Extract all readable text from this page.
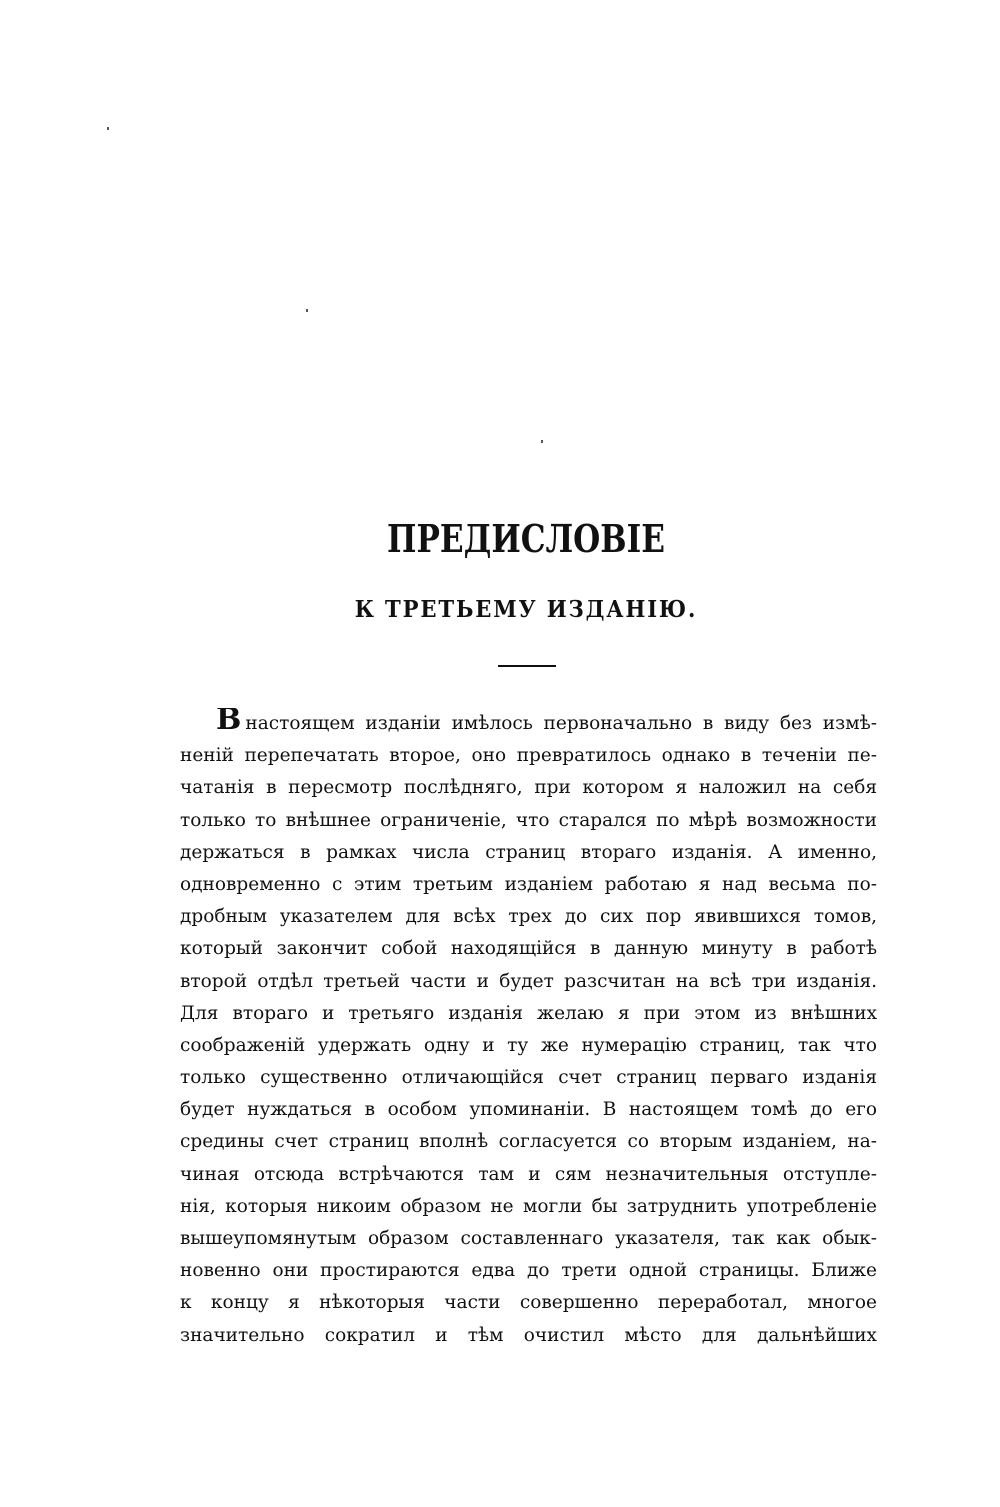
ПРЕДИСЛОВІЕ
К ТРЕТЬЕМУ ИЗДАНІЮ.
Внастоящем изданiи имѣлось первоначально в виду без измѣ-
ненiй перепечатать второе, оно превратилось однако в теченiи пе-
чатанiя в пересмотр послѣдняго, при котором я наложил на себя
только то внѣшнее ограниченiе, что старался по мѣрѣ возможности
держаться в рамках числа страниц втораго изданiя. А именно,
одновременно с этим третьим изданiем работаю я над весьма по-
дробным указателем для всѣх трех до сих пор явившихся томов,
который закончит собой находящiйся в данную минуту в работѣ
второй отдѣл третьей части и будет разсчитан на всѣ три изданiя.
Для втораго и третьяго изданiя желаю я при этом из внѣшних
соображенiй удержать одну и ту же нумерацiю страниц, так что
только существенно отличающiйся счет страниц перваго изданiя
будет нуждаться в особом упоминанiи. В настоящем томѣ до его
средины счет страниц вполнѣ согласуется со вторым изданiем, на-
чиная отсюда встрѣчаются там и сям незначительныя отступле-
нiя, которыя никоим образом не могли бы затруднить употребленiе
вышеупомянутым образом составленнаго указателя, так как обык-
новенно они простираются едва до трети одной страницы. Ближе
к концу я нѣкоторыя части совершенно переработал, многое
значительно сократил и тѣм очистил мѣсто для дальнѣйших
